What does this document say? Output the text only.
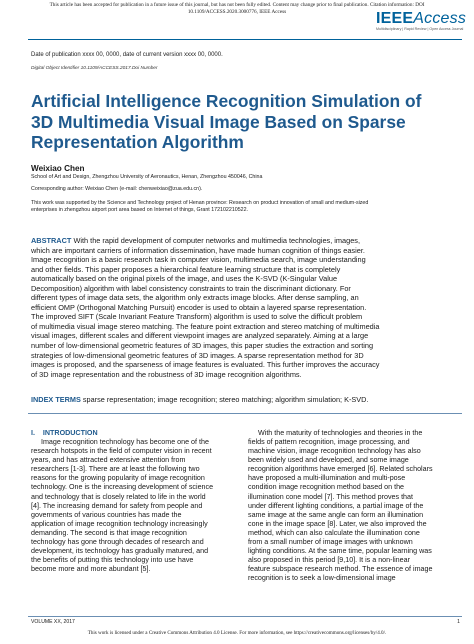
This article has been accepted for publication in a future issue of this journal, but has not been fully edited. Content may change prior to final publication. Citation information: DOI
10.1109/ACCESS.2020.3000776, IEEE Access	IEEEAccess
Multidisciplinary | Rapid Review | Open Access Journal
Date of publication xxxx 00, 0000, date of current version xxxx 00, 0000.
Digital Object Identifier 10.1109/ACCESS.2017.Doi Number
Artificial Intelligence Recognition Simulation of
3D Multimedia Visual Image Based on Sparse
Representation Algorithm
Weixiao Chen
School of Art and Design, Zhengzhou University of Aeronautics, Henan, Zhengzhou 450046, China
Corresponding author: Weixiao Chen (e-mail: chenweixiao@zua.edu.cn).
This work was supported by the Science and Technology project of Henan province: Research on product innovation of small and medium-sized
enterprises in zhengzhou airport port area based on Internet of things, Grant 172102210522.
ABSTRACT With the rapid development of computer networks and multimedia technologies, images,
which are important carriers of information dissemination, have made human cognition of things easier.
Image recognition is a basic research task in computer vision, multimedia search, image understanding
and other fields. This paper proposes a hierarchical feature learning structure that is completely
automatically based on the original pixels of the image, and uses the K-SVD (K-Singular Value
Decomposition) algorithm with label consistency constraints to train the discriminant dictionary. For
different types of image data sets, the algorithm only extracts image blocks. After dense sampling, an
efficient OMP (Orthogonal Matching Pursuit) encoder is used to obtain a layered sparse representation.
The improved SIFT (Scale Invariant Feature Transform) algorithm is used to solve the difficult problem
of multimedia visual image stereo matching. The feature point extraction and stereo matching of multimedia
visual images, different scales and different viewpoint images are analyzed separately. Aiming at a large
number of low-dimensional geometric features of 3D images, this paper studies the extraction and sorting
strategies of low-dimensional geometric features of 3D images. A sparse representation method for 3D
images is proposed, and the sparseness of image features is evaluated. This further improves the accuracy
of 3D image representation and the robustness of 3D image recognition algorithms.
INDEX TERMS sparse representation; image recognition; stereo matching; algorithm simulation; K-SVD.
I. INTRODUCTION
Image recognition technology has become one of the
research hotspots in the field of computer vision in recent
years, and has attracted extensive attention from
researchers [1-3]. There are at least the following two
reasons for the growing popularity of image recognition
technology. One is the increasing development of science
and technology that is closely related to life in the world
[4]. The increasing demand for safety from people and
governments of various countries has made the
application of image recognition technology increasingly
demanding. The second is that image recognition
technology has gone through decades of research and
development, its technology has gradually matured, and
the benefits of putting this technology into use have
become more and more abundant [5].
With the maturity of technologies and theories in the
fields of pattern recognition, image processing, and
machine vision, image recognition technology has also
been widely used and developed, and some image
recognition algorithms have emerged [6]. Related scholars
have proposed a multi-illumination and multi-pose
condition image recognition method based on the
illumination cone model [7]. This method proves that
under different lighting conditions, a partial image of the
same image at the same angle can form an illumination
cone in the image space [8]. Later, we also improved the
method, which can also calculate the illumination cone
from a small number of image images with unknown
lighting conditions. At the same time, popular learning was
also proposed in this period [9,10]. It is a non-linear
feature subspace research method. The essence of image
recognition is to seek a low-dimensional image
VOLUME XX, 2017	1
This work is licensed under a Creative Commons Attribution 4.0 License. For more information, see https://creativecommons.org/licenses/by/4.0/.
